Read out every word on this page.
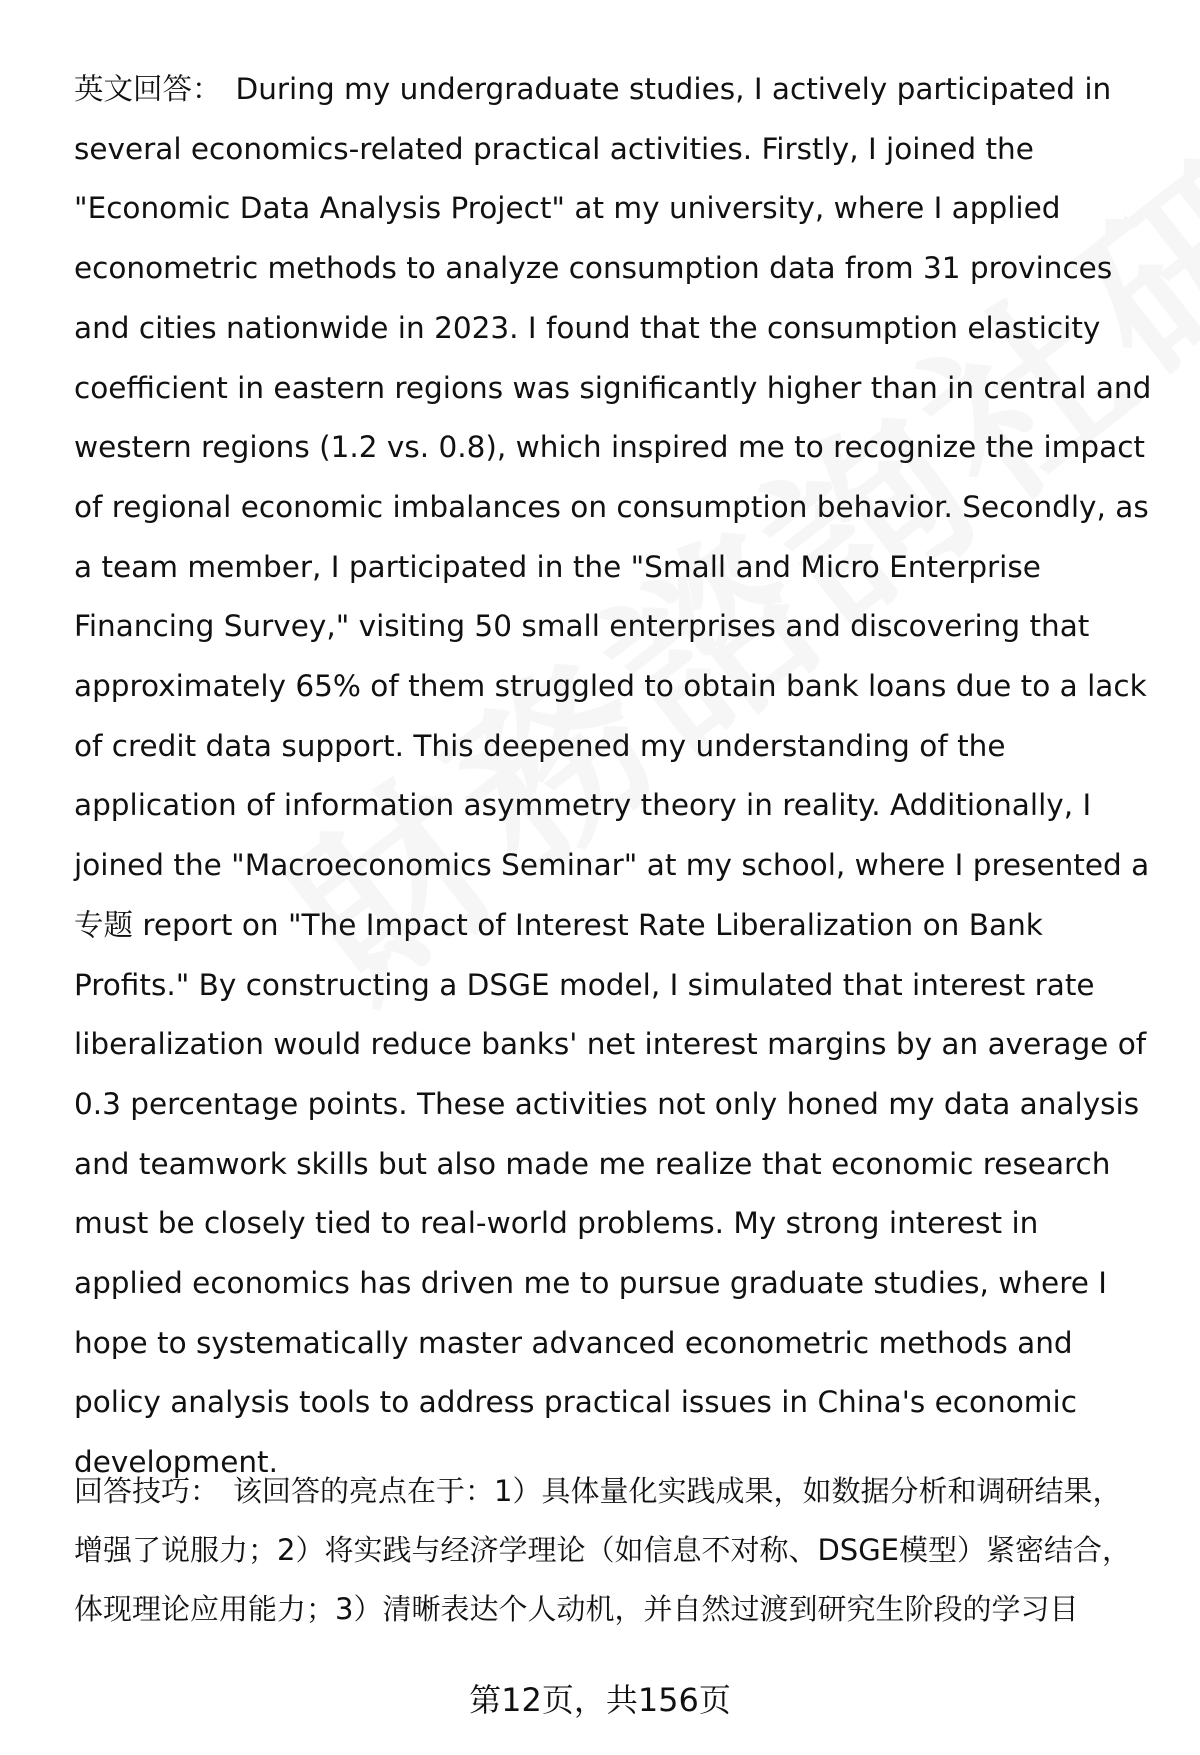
英文回答： During my undergraduate studies, I actively participated in several economics-related practical activities. Firstly, I joined the "Economic Data Analysis Project" at my university, where I applied econometric methods to analyze consumption data from 31 provinces and cities nationwide in 2023. I found that the consumption elasticity coefficient in eastern regions was significantly higher than in central and western regions (1.2 vs. 0.8), which inspired me to recognize the impact of regional economic imbalances on consumption behavior. Secondly, as a team member, I participated in the "Small and Micro Enterprise Financing Survey," visiting 50 small enterprises and discovering that approximately 65% of them struggled to obtain bank loans due to a lack of credit data support. This deepened my understanding of the application of information asymmetry theory in reality. Additionally, I joined the "Macroeconomics Seminar" at my school, where I presented a专题 report on "The Impact of Interest Rate Liberalization on Bank Profits." By constructing a DSGE model, I simulated that interest rate liberalization would reduce banks' net interest margins by an average of 0.3 percentage points. These activities not only honed my data analysis and teamwork skills but also made me realize that economic research must be closely tied to real-world problems. My strong interest in applied economics has driven me to pursue graduate studies, where I hope to systematically master advanced econometric methods and policy analysis tools to address practical issues in China's economic development.

回答技巧： 该回答的亮点在于：1）具体量化实践成果，如数据分析和调研结果，增强了说服力；2）将实践与经济学理论（如信息不对称、DSGE模型）紧密结合，体现理论应用能力；3）清晰表达个人动机，并自然过渡到研究生阶段的学习目

第12页，共156页
